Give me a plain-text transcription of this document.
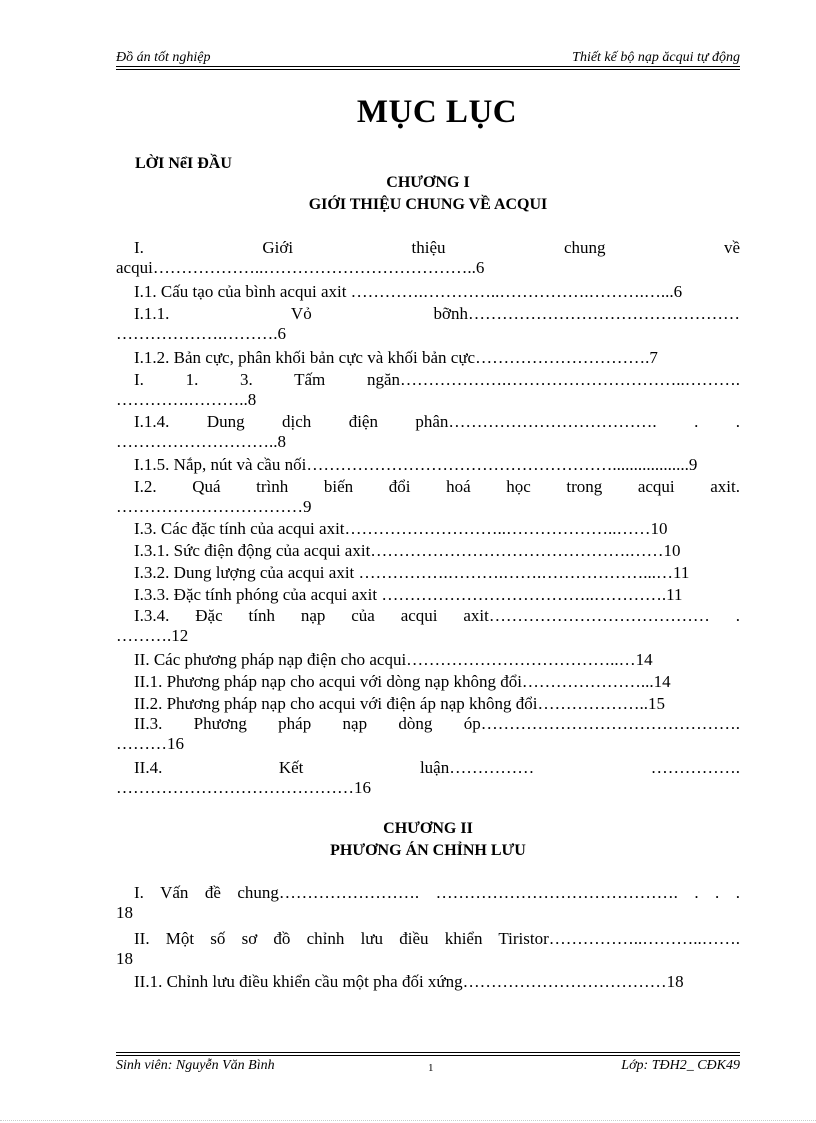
Đồ án tốt nghiệp	Thiết kế bộ nạp ăcqui tự động
MỤC LỤC
LỜI NểI ĐẦU
CHƯƠNG I
GIỚI THIỆU CHUNG VỀ ACQUI
I. Giới thiệu chung về
acqui………………..………………………………..6
I.1. Cấu tạo của bình acqui axit ………….…………..…………….……….…...6
I.1.1. Vỏ bỡnh…………………………………………
……………….……….6
I.1.2. Bản cực, phân khối bản cực và khối bản cực………………………….7
I. 1. 3. Tấm ngăn……………….…………………………..……….
………….………..8
I.1.4. Dung dịch điện phân………………………………. . .
………………………..8
I.1.5. Nắp, nút và cầu nối………………………………………………..................9
I.2. Quá trình biến đổi hoá học trong acqui axit.
……………………………9
I.3. Các đặc tính của acqui axit………………………..………………..……10
I.3.1. Sức điện động của acqui axit……………………………………….……10
I.3.2. Dung lượng của acqui axit …………….……….…….………………...…11
I.3.3. Đặc tính phóng của acqui axit ………………………………..………….11
I.3.4. Đặc tính nạp của acqui axit………………………………… .
……….12
II. Các phương pháp nạp điện cho acqui………………………………..…14
II.1. Phương pháp nạp cho acqui với dòng nạp không đổi…………………...14
II.2. Phương pháp nạp cho acqui với điện áp nạp không đổi………………..15
II.3. Phương pháp nạp dòng óp……………………………………….
………16
II.4. Kết luận…………… …………….
……………………………………16
CHƯƠNG II
PHƯƠNG ÁN CHỈNH LƯU
I. Vấn đề chung……………………. ……………………………………. . . .
18
II. Một số sơ đồ chỉnh lưu điều khiển Tiristor……………..………..…….
18
II.1. Chỉnh lưu điều khiển cầu một pha đối xứng………………………………18
Sinh viên: Nguyễn Văn Bình	1	Lớp: TĐH2_ CĐK49
